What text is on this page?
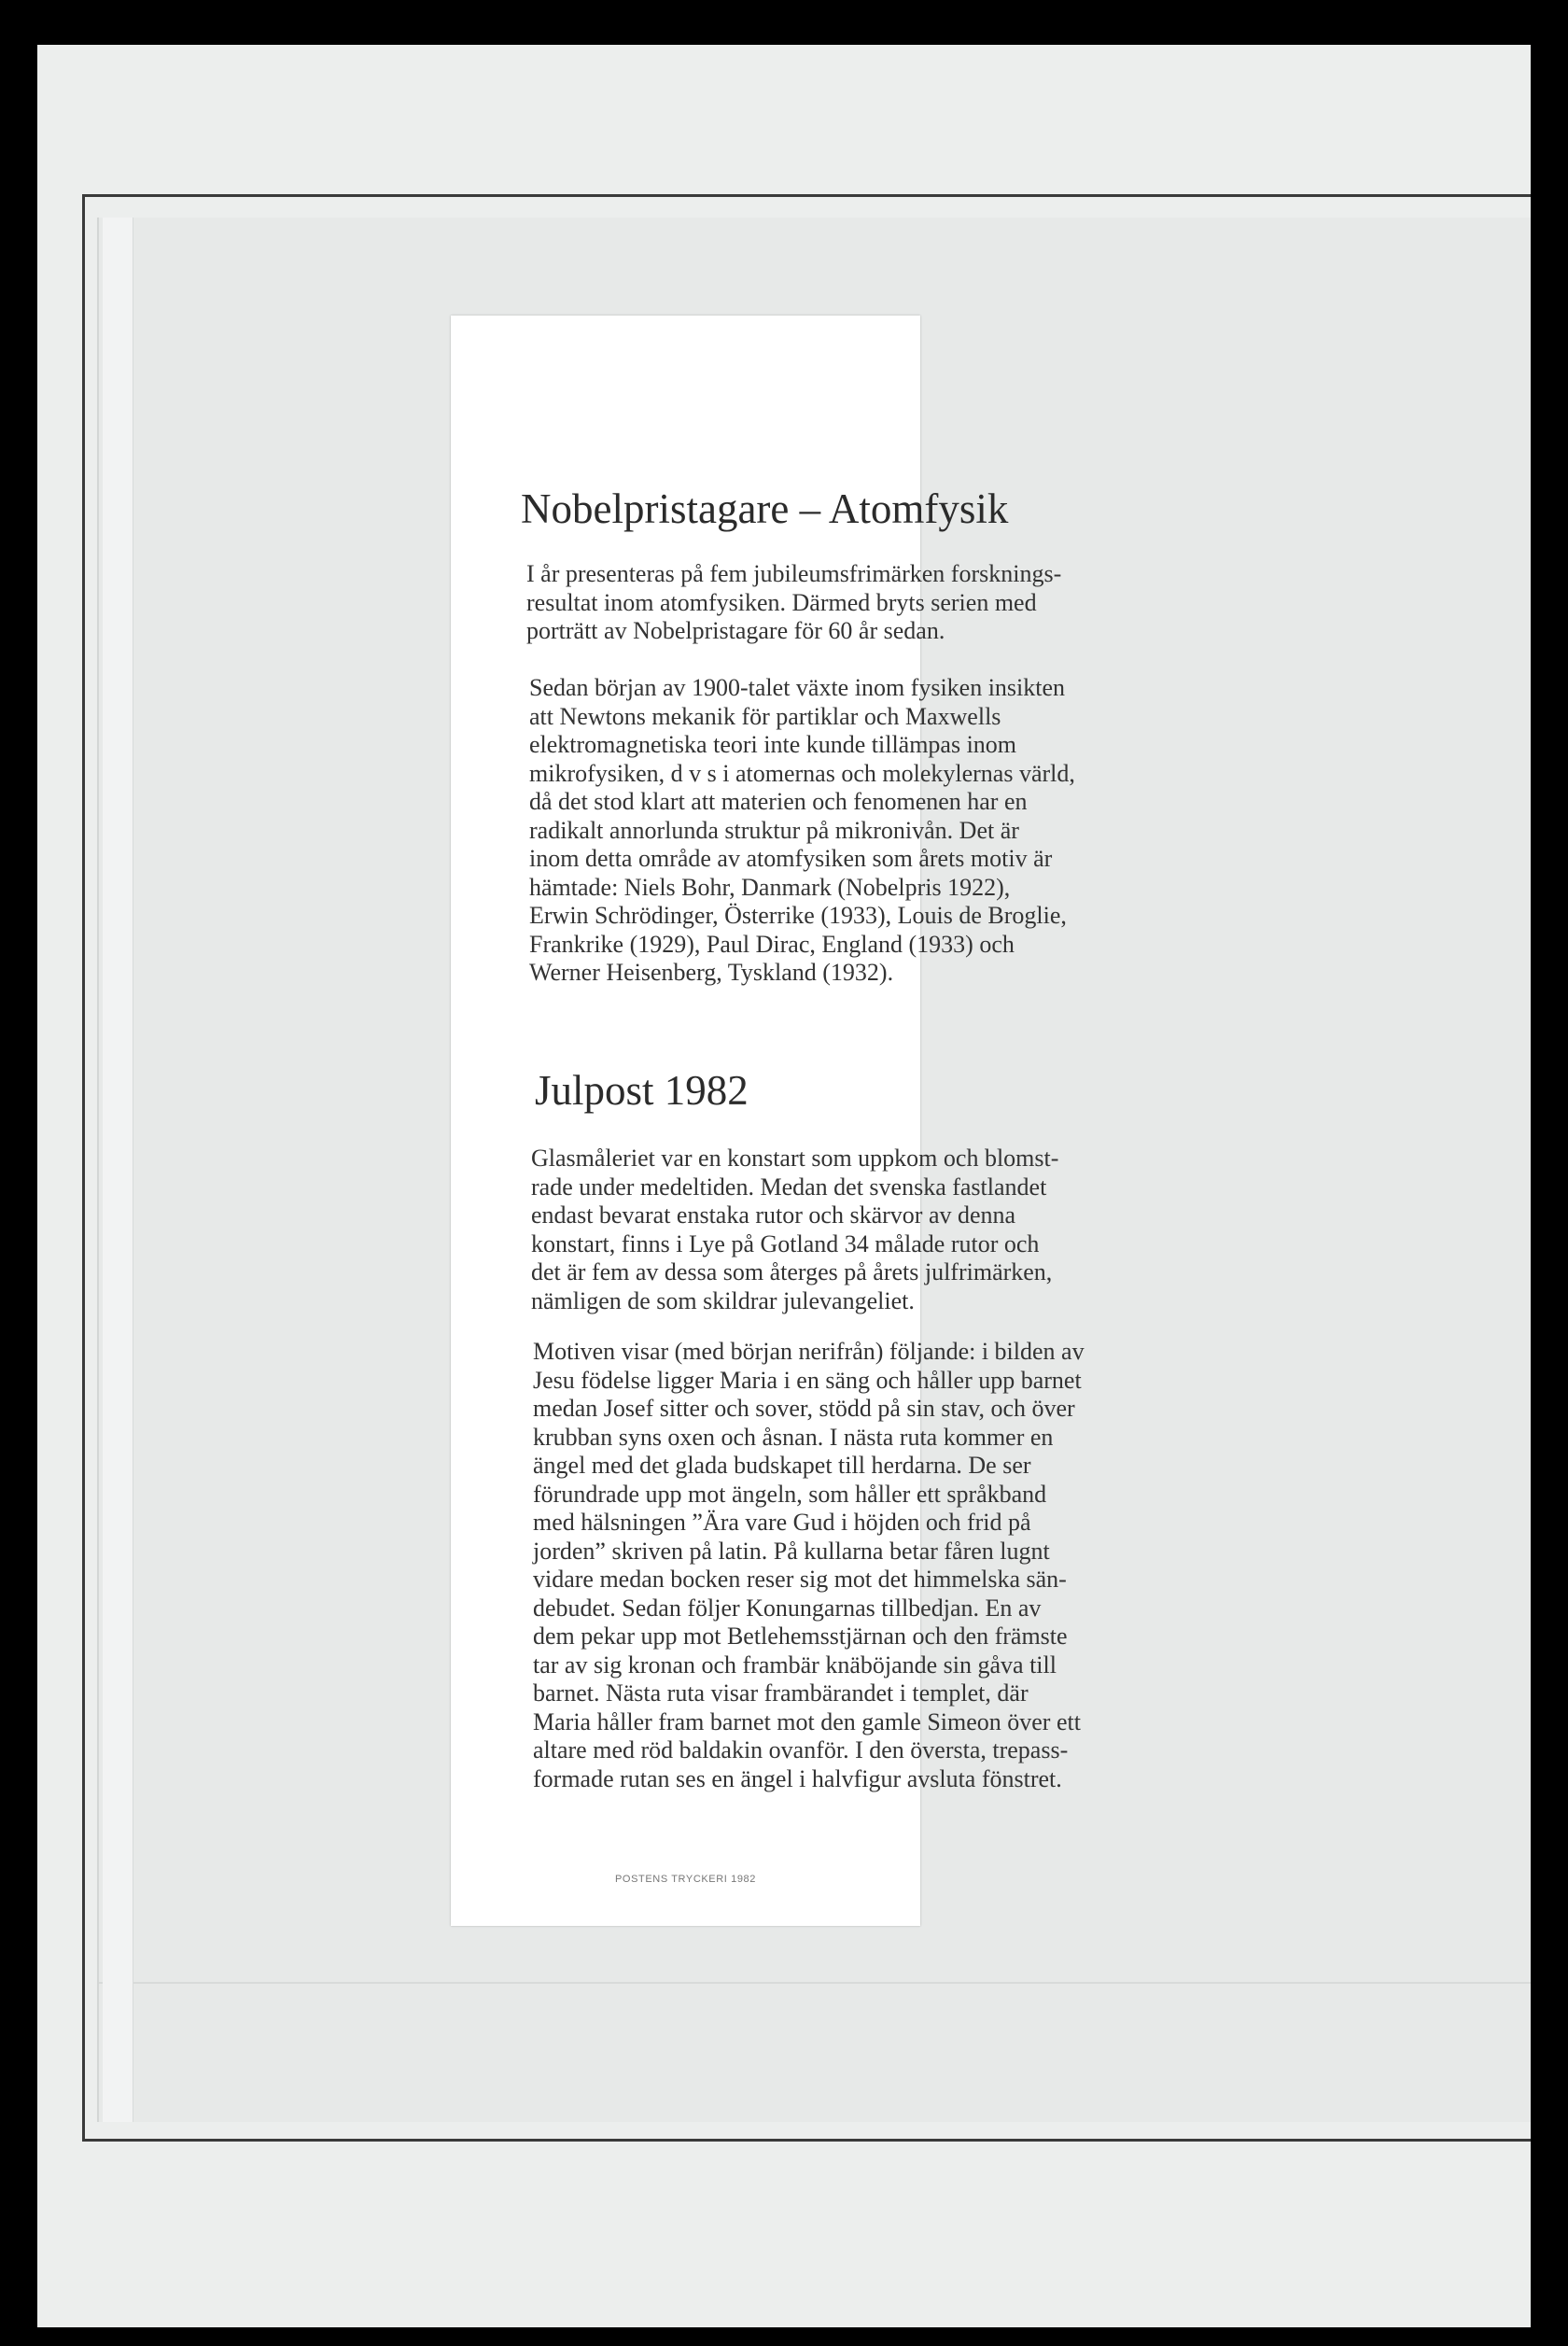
Nobelpristagare – Atomfysik

I år presenteras på fem jubileumsfrimärken forsknings-
resultat inom atomfysiken. Därmed bryts serien med
porträtt av Nobelpristagare för 60 år sedan.

Sedan början av 1900-talet växte inom fysiken insikten
att Newtons mekanik för partiklar och Maxwells
elektromagnetiska teori inte kunde tillämpas inom
mikrofysiken, d v s i atomernas och molekylernas värld,
då det stod klart att materien och fenomenen har en
radikalt annorlunda struktur på mikronivån. Det är
inom detta område av atomfysiken som årets motiv är
hämtade: Niels Bohr, Danmark (Nobelpris 1922),
Erwin Schrödinger, Österrike (1933), Louis de Broglie,
Frankrike (1929), Paul Dirac, England (1933) och
Werner Heisenberg, Tyskland (1932).

Julpost 1982

Glasmåleriet var en konstart som uppkom och blomst-
rade under medeltiden. Medan det svenska fastlandet
endast bevarat enstaka rutor och skärvor av denna
konstart, finns i Lye på Gotland 34 målade rutor och
det är fem av dessa som återges på årets julfrimärken,
nämligen de som skildrar julevangeliet.

Motiven visar (med början nerifrån) följande: i bilden av
Jesu födelse ligger Maria i en säng och håller upp barnet
medan Josef sitter och sover, stödd på sin stav, och över
krubban syns oxen och åsnan. I nästa ruta kommer en
ängel med det glada budskapet till herdarna. De ser
förundrade upp mot ängeln, som håller ett språkband
med hälsningen ”Ära vare Gud i höjden och frid på
jorden” skriven på latin. På kullarna betar fåren lugnt
vidare medan bocken reser sig mot det himmelska sän-
debudet. Sedan följer Konungarnas tillbedjan. En av
dem pekar upp mot Betlehemsstjärnan och den främste
tar av sig kronan och frambär knäböjande sin gåva till
barnet. Nästa ruta visar frambärandet i templet, där
Maria håller fram barnet mot den gamle Simeon över ett
altare med röd baldakin ovanför. I den översta, trepass-
formade rutan ses en ängel i halvfigur avsluta fönstret.

POSTENS TRYCKERI 1982
